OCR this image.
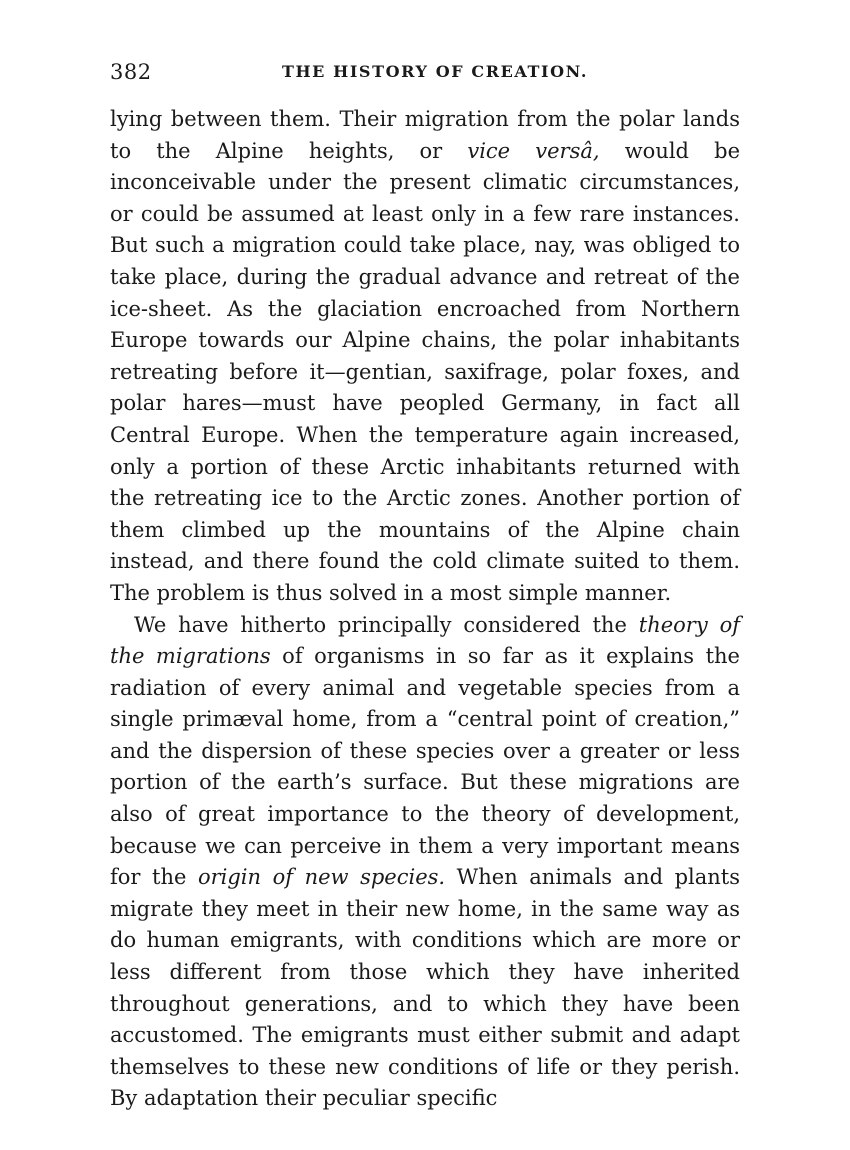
382	THE HISTORY OF CREATION.

lying between them. Their migration from the polar lands to the Alpine heights, or vice versâ, would be inconceivable under the present climatic circumstances, or could be assumed at least only in a few rare instances. But such a migration could take place, nay, was obliged to take place, during the gradual advance and retreat of the ice-sheet. As the glaciation encroached from Northern Europe towards our Alpine chains, the polar inhabitants retreating before it—gentian, saxifrage, polar foxes, and polar hares—must have peopled Germany, in fact all Central Europe. When the temperature again increased, only a portion of these Arctic inhabitants returned with the retreating ice to the Arctic zones. Another portion of them climbed up the mountains of the Alpine chain instead, and there found the cold climate suited to them. The problem is thus solved in a most simple manner.

We have hitherto principally considered the theory of the migrations of organisms in so far as it explains the radiation of every animal and vegetable species from a single primæval home, from a “central point of creation,” and the dispersion of these species over a greater or less portion of the earth’s surface. But these migrations are also of great importance to the theory of development, because we can perceive in them a very important means for the origin of new species. When animals and plants migrate they meet in their new home, in the same way as do human emigrants, with conditions which are more or less different from those which they have inherited throughout generations, and to which they have been accustomed. The emigrants must either submit and adapt themselves to these new conditions of life or they perish. By adaptation their peculiar specific
